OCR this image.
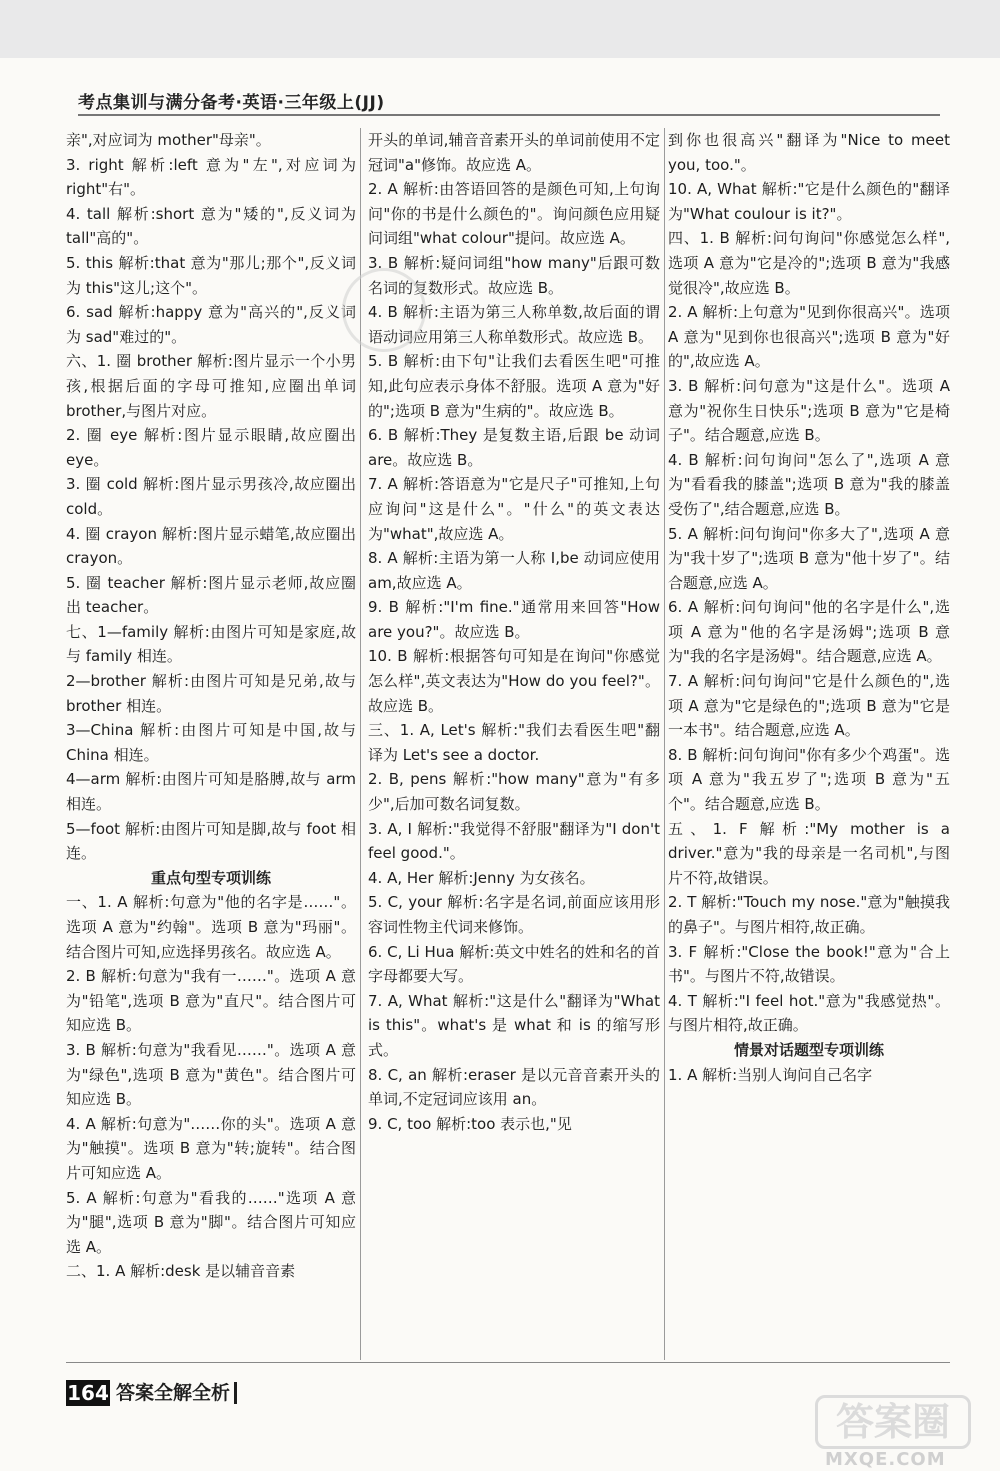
考点集训与满分备考·英语·三年级上(JJ)
亲",对应词为 mother"母亲"。
3. right 解析:left 意为"左",对应词为 right"右"。
4. tall 解析:short 意为"矮的",反义词为 tall"高的"。
5. this 解析:that 意为"那儿;那个",反义词为 this"这儿;这个"。
6. sad 解析:happy 意为"高兴的",反义词为 sad"难过的"。
六、1. 圈 brother 解析:图片显示一个小男孩,根据后面的字母可推知,应圈出单词 brother,与图片对应。
2. 圈 eye 解析:图片显示眼睛,故应圈出 eye。
3. 圈 cold 解析:图片显示男孩冷,故应圈出 cold。
4. 圈 crayon 解析:图片显示蜡笔,故应圈出 crayon。
5. 圈 teacher 解析:图片显示老师,故应圈出 teacher。
七、1—family 解析:由图片可知是家庭,故与 family 相连。
2—brother 解析:由图片可知是兄弟,故与 brother 相连。
3—China 解析:由图片可知是中国,故与 China 相连。
4—arm 解析:由图片可知是胳膊,故与 arm 相连。
5—foot 解析:由图片可知是脚,故与 foot 相连。
重点句型专项训练
一、1. A 解析:句意为"他的名字是……"。选项 A 意为"约翰"。选项 B 意为"玛丽"。结合图片可知,应选择男孩名。故应选 A。
2. B 解析:句意为"我有一……"。选项 A 意为"铅笔",选项 B 意为"直尺"。结合图片可知应选 B。
3. B 解析:句意为"我看见……"。选项 A 意为"绿色",选项 B 意为"黄色"。结合图片可知应选 B。
4. A 解析:句意为"……你的头"。选项 A 意为"触摸"。选项 B 意为"转;旋转"。结合图片可知应选 A。
5. A 解析:句意为"看我的……"选项 A 意为"腿",选项 B 意为"脚"。结合图片可知应选 A。
二、1. A 解析:desk 是以辅音音素
开头的单词,辅音音素开头的单词前使用不定冠词"a"修饰。故应选 A。
2. A 解析:由答语回答的是颜色可知,上句询问"你的书是什么颜色的"。询问颜色应用疑问词组"what colour"提问。故应选 A。
3. B 解析:疑问词组"how many"后跟可数名词的复数形式。故应选 B。
4. B 解析:主语为第三人称单数,故后面的谓语动词应用第三人称单数形式。故应选 B。
5. B 解析:由下句"让我们去看医生吧"可推知,此句应表示身体不舒服。选项 A 意为"好的";选项 B 意为"生病的"。故应选 B。
6. B 解析:They 是复数主语,后跟 be 动词 are。故应选 B。
7. A 解析:答语意为"它是尺子"可推知,上句应询问"这是什么"。"什么"的英文表达为"what",故应选 A。
8. A 解析:主语为第一人称 I,be 动词应使用 am,故应选 A。
9. B 解析:"I'm fine."通常用来回答"How are you?"。故应选 B。
10. B 解析:根据答句可知是在询问"你感觉怎么样",英文表达为"How do you feel?"。故应选 B。
三、1. A, Let's 解析:"我们去看医生吧"翻译为 Let's see a doctor.
2. B, pens 解析:"how many"意为"有多少",后加可数名词复数。
3. A, I 解析:"我觉得不舒服"翻译为"I don't feel good."。
4. A, Her 解析:Jenny 为女孩名。
5. C, your 解析:名字是名词,前面应该用形容词性物主代词来修饰。
6. C, Li Hua 解析:英文中姓名的姓和名的首字母都要大写。
7. A, What 解析:"这是什么"翻译为"What is this"。what's 是 what 和 is 的缩写形式。
8. C, an 解析:eraser 是以元音音素开头的单词,不定冠词应该用 an。
9. C, too 解析:too 表示也,"见
到你也很高兴"翻译为"Nice to meet you, too."。
10. A, What 解析:"它是什么颜色的"翻译为"What coulour is it?"。
四、1. B 解析:问句询问"你感觉怎么样",选项 A 意为"它是冷的";选项 B 意为"我感觉很冷",故应选 B。
2. A 解析:上句意为"见到你很高兴"。选项 A 意为"见到你也很高兴";选项 B 意为"好的",故应选 A。
3. B 解析:问句意为"这是什么"。选项 A 意为"祝你生日快乐";选项 B 意为"它是椅子"。结合题意,应选 B。
4. B 解析:问句询问"怎么了",选项 A 意为"看看我的膝盖";选项 B 意为"我的膝盖受伤了",结合题意,应选 B。
5. A 解析:问句询问"你多大了",选项 A 意为"我十岁了";选项 B 意为"他十岁了"。结合题意,应选 A。
6. A 解析:问句询问"他的名字是什么",选项 A 意为"他的名字是汤姆";选项 B 意为"我的名字是汤姆"。结合题意,应选 A。
7. A 解析:问句询问"它是什么颜色的",选项 A 意为"它是绿色的";选项 B 意为"它是一本书"。结合题意,应选 A。
8. B 解析:问句询问"你有多少个鸡蛋"。选项 A 意为"我五岁了";选项 B 意为"五个"。结合题意,应选 B。
五、1. F 解析:"My mother is a driver."意为"我的母亲是一名司机",与图片不符,故错误。
2. T 解析:"Touch my nose."意为"触摸我的鼻子"。与图片相符,故正确。
3. F 解析:"Close the book!"意为"合上书"。与图片不符,故错误。
4. T 解析:"I feel hot."意为"我感觉热"。与图片相符,故正确。
情景对话题型专项训练
1. A 解析:当别人询问自己名字
164 答案全解全析
答案圈
MXQE.COM
